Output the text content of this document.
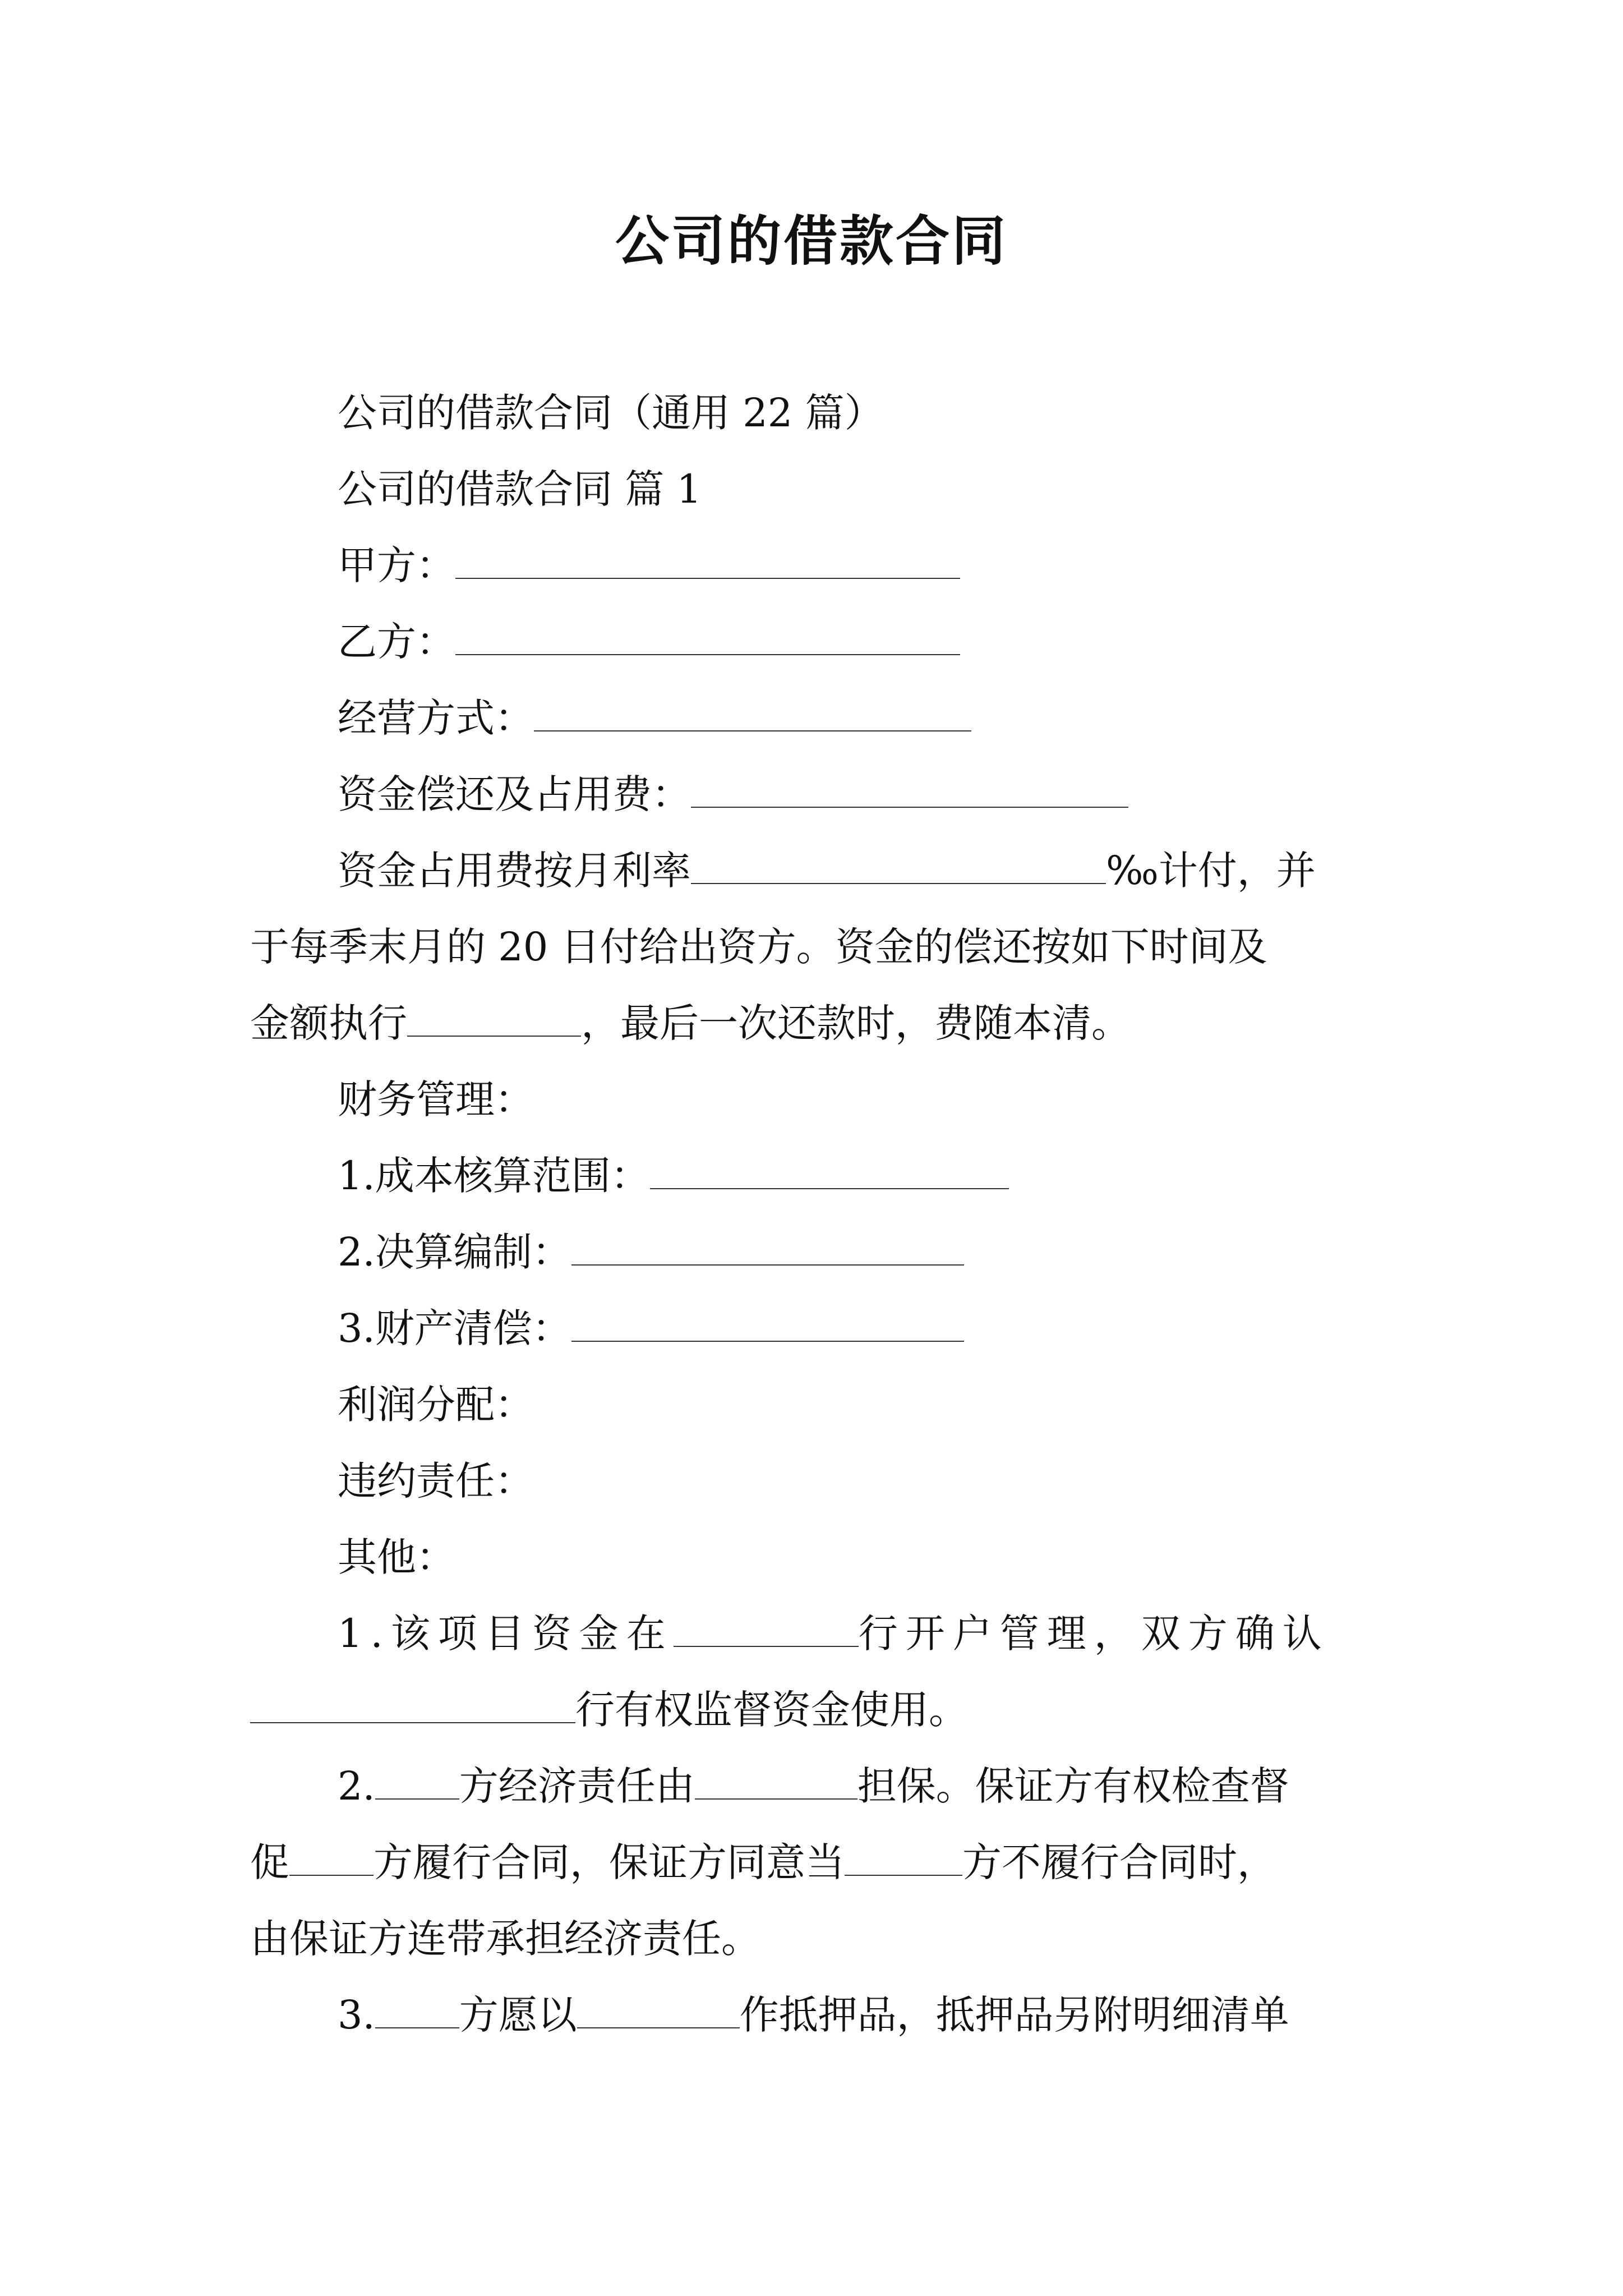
公司的借款合同

公司的借款合同（通用 22 篇）

公司的借款合同 篇 1

甲方：

乙方：

经营方式：

资金偿还及占用费：

资金占用费按月利率	‰计付，并

于每季末月的 20 日付给出资方。资金的偿还按如下时间及

金额执行	，最后一次还款时，费随本清。

财务管理：

1.成本核算范围：

2.决算编制：

3.财产清偿：

利润分配：

违约责任：

其他：

1.该项目资金在	行开户管理，双方确认

行有权监督资金使用。

2. 方经济责任由	担保。保证方有权检查督

促 方履行合同，保证方同意当	方不履行合同时，

由保证方连带承担经济责任。

3. 方愿以	作抵押品，抵押品另附明细清单
